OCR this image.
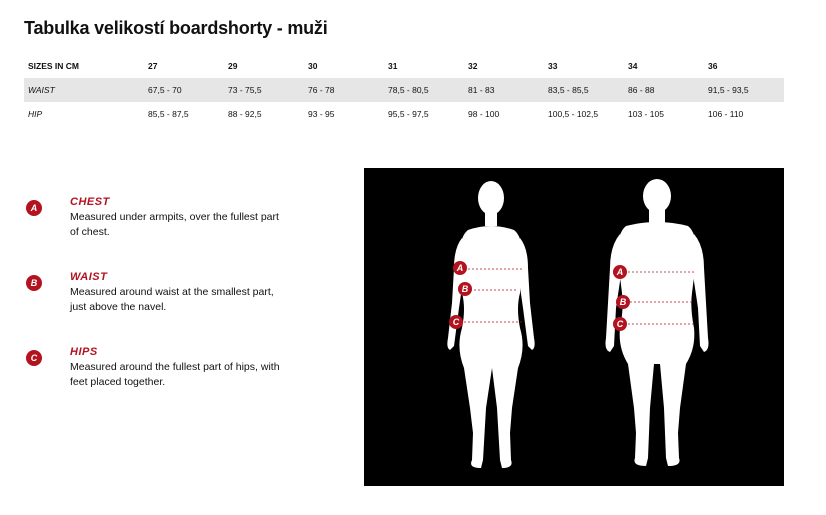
Tabulka velikostí boardshorty - muži
SIZES IN CM	27	29	30	31	32	33	34	36
WAIST	67,5 - 70	73 - 75,5	76 - 78	78,5 - 80,5	81 - 83	83,5 - 85,5	86 - 88	91,5 - 93,5
HIP	85,5 - 87,5	88 - 92,5	93 - 95	95,5 - 97,5	98 - 100	100,5 - 102,5	103 - 105	106 - 110
A	CHEST
Measured under armpits, over the fullest part of chest.
B	WAIST
Measured around waist at the smallest part, just above the navel.
C	HIPS
Measured around the fullest part of hips, with feet placed together.
A
B
C
A
B
C
